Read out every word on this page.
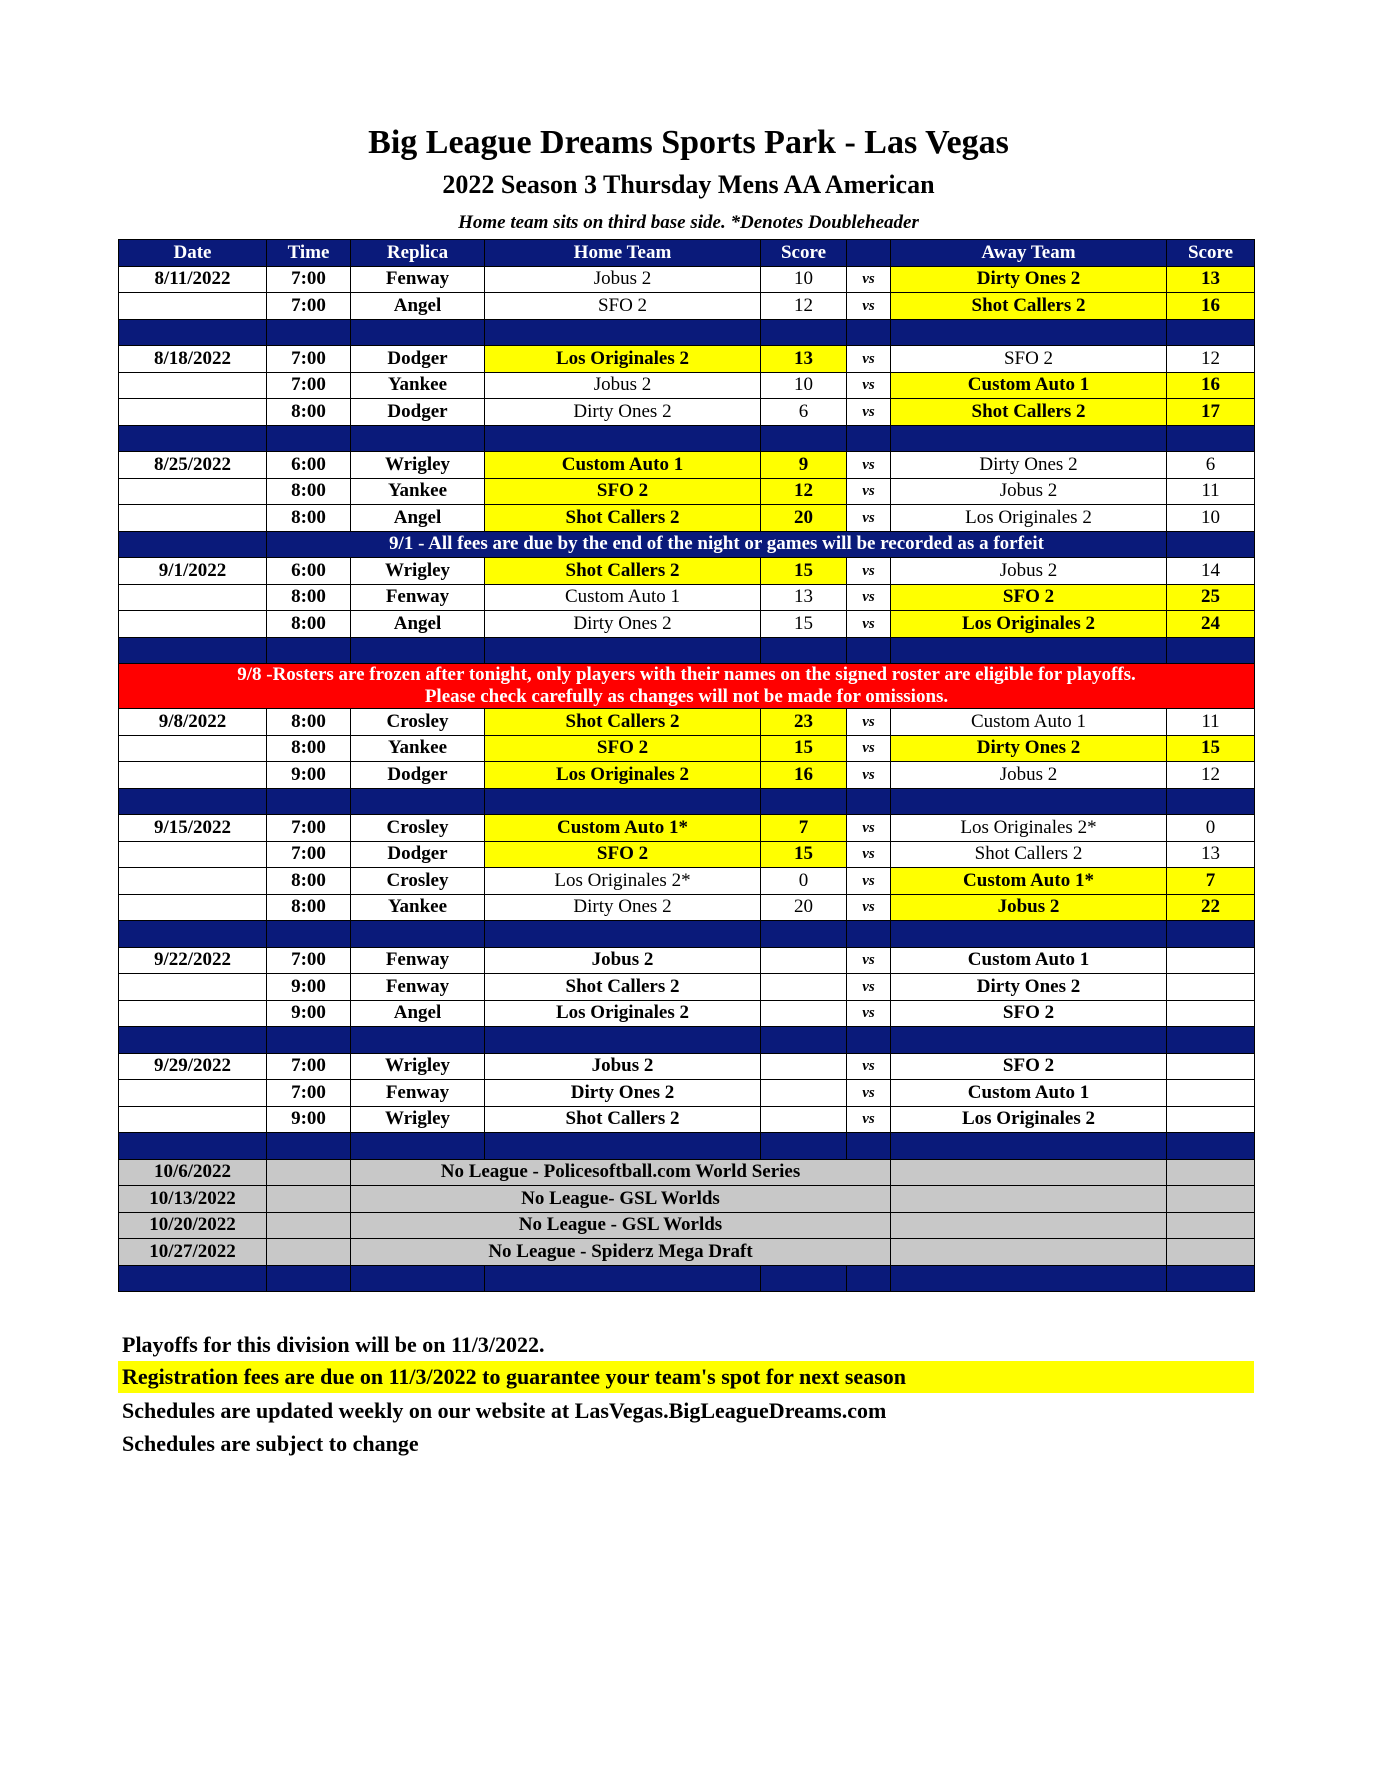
Big League Dreams Sports Park - Las Vegas
2022 Season 3 Thursday Mens AA American
Home team sits on third base side. *Denotes Doubleheader
Date	Time	Replica	Home Team	Score		Away Team	Score
8/11/2022	7:00	Fenway	Jobus 2	10	vs	Dirty Ones 2	13
	7:00	Angel	SFO 2	12	vs	Shot Callers 2	16

8/18/2022	7:00	Dodger	Los Originales 2	13	vs	SFO 2	12
	7:00	Yankee	Jobus 2	10	vs	Custom Auto 1	16
	8:00	Dodger	Dirty Ones 2	6	vs	Shot Callers 2	17

8/25/2022	6:00	Wrigley	Custom Auto 1	9	vs	Dirty Ones 2	6
	8:00	Yankee	SFO 2	12	vs	Jobus 2	11
	8:00	Angel	Shot Callers 2	20	vs	Los Originales 2	10
	9/1 - All fees are due by the end of the night or games will be recorded as a forfeit						
9/1/2022	6:00	Wrigley	Shot Callers 2	15	vs	Jobus 2	14
	8:00	Fenway	Custom Auto 1	13	vs	SFO 2	25
	8:00	Angel	Dirty Ones 2	15	vs	Los Originales 2	24

9/8 -Rosters are frozen after tonight, only players with their names on the signed roster are eligible for playoffs.
Please check carefully as changes will not be made for omissions.							

9/8/2022	8:00	Crosley	Shot Callers 2	23	vs	Custom Auto 1	11
	8:00	Yankee	SFO 2	15	vs	Dirty Ones 2	15
	9:00	Dodger	Los Originales 2	16	vs	Jobus 2	12

9/15/2022	7:00	Crosley	Custom Auto 1*	7	vs	Los Originales 2*	0
	7:00	Dodger	SFO 2	15	vs	Shot Callers 2	13
	8:00	Crosley	Los Originales 2*	0	vs	Custom Auto 1*	7
	8:00	Yankee	Dirty Ones 2	20	vs	Jobus 2	22

9/22/2022	7:00	Fenway	Jobus 2		vs	Custom Auto 1	
	9:00	Fenway	Shot Callers 2		vs	Dirty Ones 2	
	9:00	Angel	Los Originales 2		vs	SFO 2	

9/29/2022	7:00	Wrigley	Jobus 2		vs	SFO 2	
	7:00	Fenway	Dirty Ones 2		vs	Custom Auto 1	
	9:00	Wrigley	Shot Callers 2		vs	Los Originales 2	

10/6/2022		No League - Policesoftball.com World Series					
10/13/2022		No League- GSL Worlds					
10/20/2022		No League - GSL Worlds					
10/27/2022		No League - Spiderz Mega Draft					

Playoffs for this division will be on 11/3/2022.
Registration fees are due on 11/3/2022 to guarantee your team's spot for next season
Schedules are updated weekly on our website at LasVegas.BigLeagueDreams.com
Schedules are subject to change
